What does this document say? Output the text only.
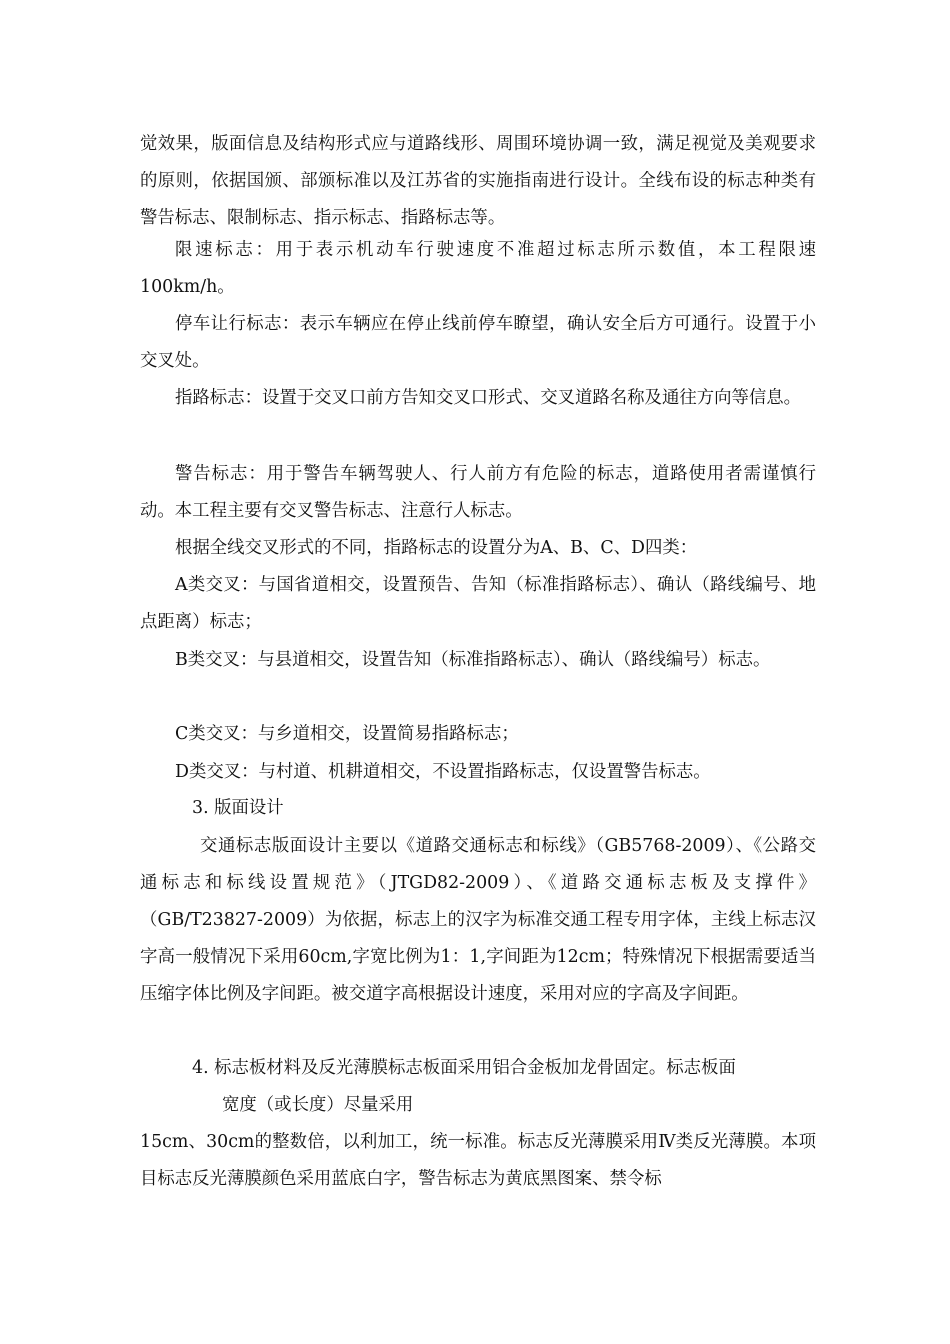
觉效果，版面信息及结构形式应与道路线形、周围环境协调一致，满足视觉及美观要求的原则，依据国颁、部颁标准以及江苏省的实施指南进行设计。全线布设的标志种类有警告标志、限制标志、指示标志、指路标志等。

限速标志：用于表示机动车行驶速度不准超过标志所示数值，本工程限速100km/h。

停车让行标志：表示车辆应在停止线前停车瞭望，确认安全后方可通行。设置于小交叉处。

指路标志：设置于交叉口前方告知交叉口形式、交叉道路名称及通往方向等信息。

警告标志：用于警告车辆驾驶人、行人前方有危险的标志，道路使用者需谨慎行动。本工程主要有交叉警告标志、注意行人标志。

根据全线交叉形式的不同，指路标志的设置分为A、B、C、D四类：

A类交叉：与国省道相交，设置预告、告知（标准指路标志）、确认（路线编号、地点距离）标志；

B类交叉：与县道相交，设置告知（标准指路标志）、确认（路线编号）标志。

C类交叉：与乡道相交，设置简易指路标志；

D类交叉：与村道、机耕道相交，不设置指路标志，仅设置警告标志。

3. 版面设计

交通标志版面设计主要以《道路交通标志和标线》（GB5768-2009）、《公路交通标志和标线设置规范》（JTGD82-2009）、《道路交通标志板及支撑件》（GB/T23827-2009）为依据，标志上的汉字为标准交通工程专用字体，主线上标志汉字高一般情况下采用60cm,字宽比例为1：1,字间距为12cm；特殊情况下根据需要适当压缩字体比例及字间距。被交道字高根据设计速度，采用对应的字高及字间距。

4. 标志板材料及反光薄膜标志板面采用铝合金板加龙骨固定。标志板面

宽度（或长度）尽量采用

15cm、30cm的整数倍，以利加工，统一标准。标志反光薄膜采用Ⅳ类反光薄膜。本项目标志反光薄膜颜色采用蓝底白字，警告标志为黄底黑图案、禁令标
